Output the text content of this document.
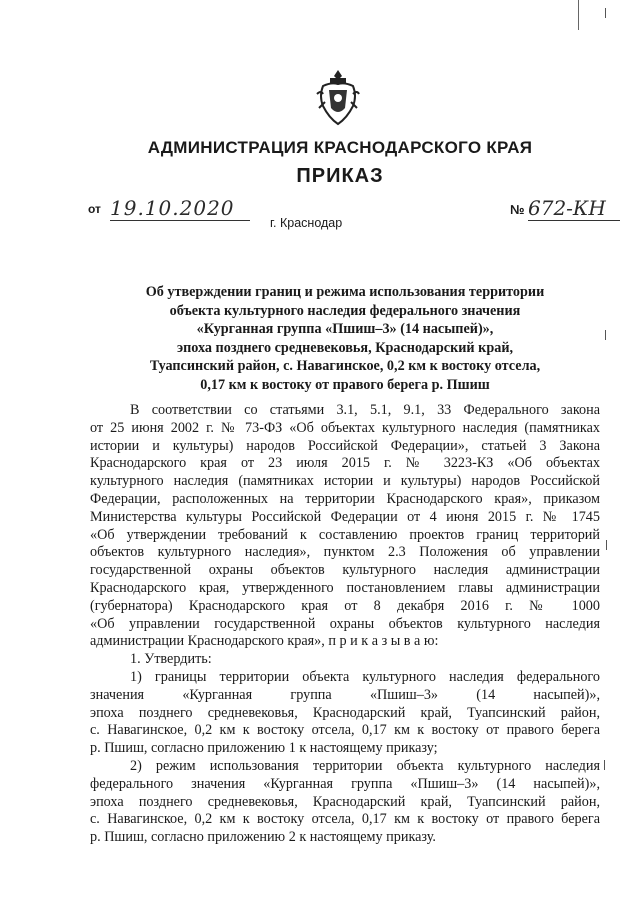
АДМИНИСТРАЦИЯ КРАСНОДАРСКОГО КРАЯ
ПРИКАЗ
от 19.10.2020	№ 672-КН
г. Краснодар
Об утверждении границ и режима использования территории
объекта культурного наследия федерального значения
«Курганная группа «Пшиш–3» (14 насыпей)»,
эпоха позднего средневековья, Краснодарский край,
Туапсинский район, с. Навагинское, 0,2 км к востоку отсела,
0,17 км к востоку от правого берега р. Пшиш
В соответствии со статьями 3.1, 5.1, 9.1, 33 Федерального закона
от 25 июня 2002 г. № 73-ФЗ «Об объектах культурного наследия (памятниках
истории и культуры) народов Российской Федерации», статьей 3 Закона
Краснодарского края от 23 июля 2015 г. № 3223-КЗ «Об объектах
культурного наследия (памятниках истории и культуры) народов Российской
Федерации, расположенных на территории Краснодарского края», приказом
Министерства культуры Российской Федерации от 4 июня 2015 г. № 1745
«Об утверждении требований к составлению проектов границ территорий
объектов культурного наследия», пунктом 2.3 Положения об управлении
государственной охраны объектов культурного наследия администрации
Краснодарского края, утвержденного постановлением главы администрации
(губернатора) Краснодарского края от 8 декабря 2016 г. № 1000
«Об управлении государственной охраны объектов культурного наследия
администрации Краснодарского края», п р и к а з ы в а ю:
1. Утвердить:
1) границы территории объекта культурного наследия федерального
значения «Курганная группа «Пшиш–3» (14 насыпей)»,
эпоха позднего средневековья, Краснодарский край, Туапсинский район,
с. Навагинское, 0,2 км к востоку отсела, 0,17 км к востоку от правого берега
р. Пшиш, согласно приложению 1 к настоящему приказу;
2) режим использования территории объекта культурного наследия
федерального значения «Курганная группа «Пшиш–3» (14 насыпей)»,
эпоха позднего средневековья, Краснодарский край, Туапсинский район,
с. Навагинское, 0,2 км к востоку отсела, 0,17 км к востоку от правого берега
р. Пшиш, согласно приложению 2 к настоящему приказу.
